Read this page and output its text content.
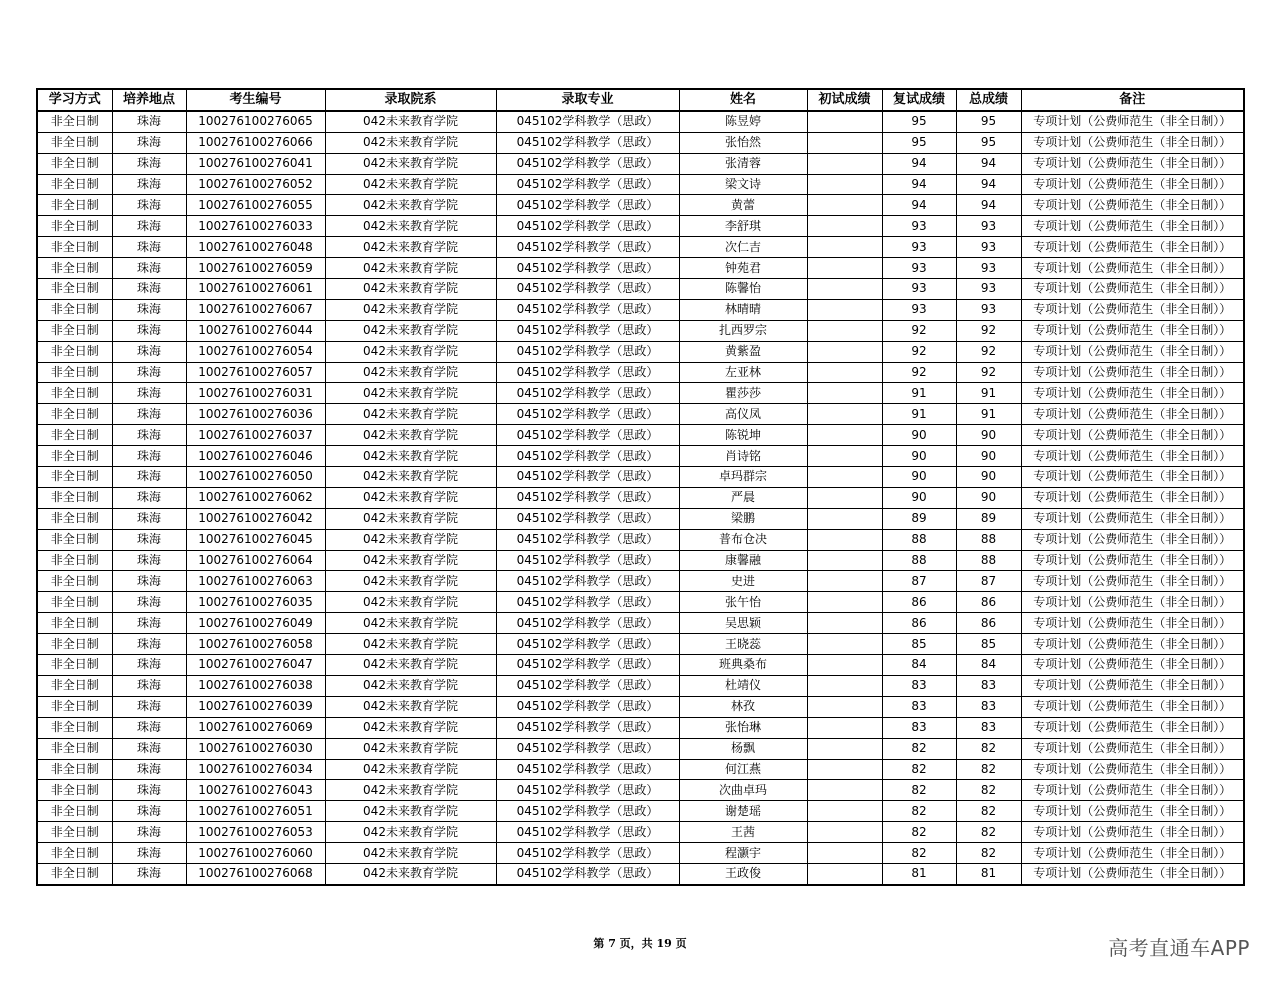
学习方式	培养地点	考生编号	录取院系	录取专业	姓名	初试成绩	复试成绩	总成绩	备注
非全日制	珠海	100276100276065	042未来教育学院	045102学科教学（思政）	陈昱婷		95	95	专项计划（公费师范生（非全日制））
非全日制	珠海	100276100276066	042未来教育学院	045102学科教学（思政）	张怡然		95	95	专项计划（公费师范生（非全日制））
非全日制	珠海	100276100276041	042未来教育学院	045102学科教学（思政）	张清蓉		94	94	专项计划（公费师范生（非全日制））
非全日制	珠海	100276100276052	042未来教育学院	045102学科教学（思政）	梁文诗		94	94	专项计划（公费师范生（非全日制））
非全日制	珠海	100276100276055	042未来教育学院	045102学科教学（思政）	黄蕾		94	94	专项计划（公费师范生（非全日制））
非全日制	珠海	100276100276033	042未来教育学院	045102学科教学（思政）	李舒琪		93	93	专项计划（公费师范生（非全日制））
非全日制	珠海	100276100276048	042未来教育学院	045102学科教学（思政）	次仁吉		93	93	专项计划（公费师范生（非全日制））
非全日制	珠海	100276100276059	042未来教育学院	045102学科教学（思政）	钟苑君		93	93	专项计划（公费师范生（非全日制））
非全日制	珠海	100276100276061	042未来教育学院	045102学科教学（思政）	陈馨怡		93	93	专项计划（公费师范生（非全日制））
非全日制	珠海	100276100276067	042未来教育学院	045102学科教学（思政）	林晴晴		93	93	专项计划（公费师范生（非全日制））
非全日制	珠海	100276100276044	042未来教育学院	045102学科教学（思政）	扎西罗宗		92	92	专项计划（公费师范生（非全日制））
非全日制	珠海	100276100276054	042未来教育学院	045102学科教学（思政）	黄紫盈		92	92	专项计划（公费师范生（非全日制））
非全日制	珠海	100276100276057	042未来教育学院	045102学科教学（思政）	左亚林		92	92	专项计划（公费师范生（非全日制））
非全日制	珠海	100276100276031	042未来教育学院	045102学科教学（思政）	瞿莎莎		91	91	专项计划（公费师范生（非全日制））
非全日制	珠海	100276100276036	042未来教育学院	045102学科教学（思政）	高仪凤		91	91	专项计划（公费师范生（非全日制））
非全日制	珠海	100276100276037	042未来教育学院	045102学科教学（思政）	陈锐坤		90	90	专项计划（公费师范生（非全日制））
非全日制	珠海	100276100276046	042未来教育学院	045102学科教学（思政）	肖诗铭		90	90	专项计划（公费师范生（非全日制））
非全日制	珠海	100276100276050	042未来教育学院	045102学科教学（思政）	卓玛群宗		90	90	专项计划（公费师范生（非全日制））
非全日制	珠海	100276100276062	042未来教育学院	045102学科教学（思政）	严晨		90	90	专项计划（公费师范生（非全日制））
非全日制	珠海	100276100276042	042未来教育学院	045102学科教学（思政）	梁鹏		89	89	专项计划（公费师范生（非全日制））
非全日制	珠海	100276100276045	042未来教育学院	045102学科教学（思政）	普布仓决		88	88	专项计划（公费师范生（非全日制））
非全日制	珠海	100276100276064	042未来教育学院	045102学科教学（思政）	康馨融		88	88	专项计划（公费师范生（非全日制））
非全日制	珠海	100276100276063	042未来教育学院	045102学科教学（思政）	史进		87	87	专项计划（公费师范生（非全日制））
非全日制	珠海	100276100276035	042未来教育学院	045102学科教学（思政）	张午怡		86	86	专项计划（公费师范生（非全日制））
非全日制	珠海	100276100276049	042未来教育学院	045102学科教学（思政）	吴思颖		86	86	专项计划（公费师范生（非全日制））
非全日制	珠海	100276100276058	042未来教育学院	045102学科教学（思政）	王晓蕊		85	85	专项计划（公费师范生（非全日制））
非全日制	珠海	100276100276047	042未来教育学院	045102学科教学（思政）	班典桑布		84	84	专项计划（公费师范生（非全日制））
非全日制	珠海	100276100276038	042未来教育学院	045102学科教学（思政）	杜靖仪		83	83	专项计划（公费师范生（非全日制））
非全日制	珠海	100276100276039	042未来教育学院	045102学科教学（思政）	林孜		83	83	专项计划（公费师范生（非全日制））
非全日制	珠海	100276100276069	042未来教育学院	045102学科教学（思政）	张怡琳		83	83	专项计划（公费师范生（非全日制））
非全日制	珠海	100276100276030	042未来教育学院	045102学科教学（思政）	杨飘		82	82	专项计划（公费师范生（非全日制））
非全日制	珠海	100276100276034	042未来教育学院	045102学科教学（思政）	何江燕		82	82	专项计划（公费师范生（非全日制））
非全日制	珠海	100276100276043	042未来教育学院	045102学科教学（思政）	次曲卓玛		82	82	专项计划（公费师范生（非全日制））
非全日制	珠海	100276100276051	042未来教育学院	045102学科教学（思政）	谢楚瑶		82	82	专项计划（公费师范生（非全日制））
非全日制	珠海	100276100276053	042未来教育学院	045102学科教学（思政）	王茜		82	82	专项计划（公费师范生（非全日制））
非全日制	珠海	100276100276060	042未来教育学院	045102学科教学（思政）	程灏宇		82	82	专项计划（公费师范生（非全日制））
非全日制	珠海	100276100276068	042未来教育学院	045102学科教学（思政）	王政俊		81	81	专项计划（公费师范生（非全日制））
第 7 页，共 19 页	高考直通车APP
